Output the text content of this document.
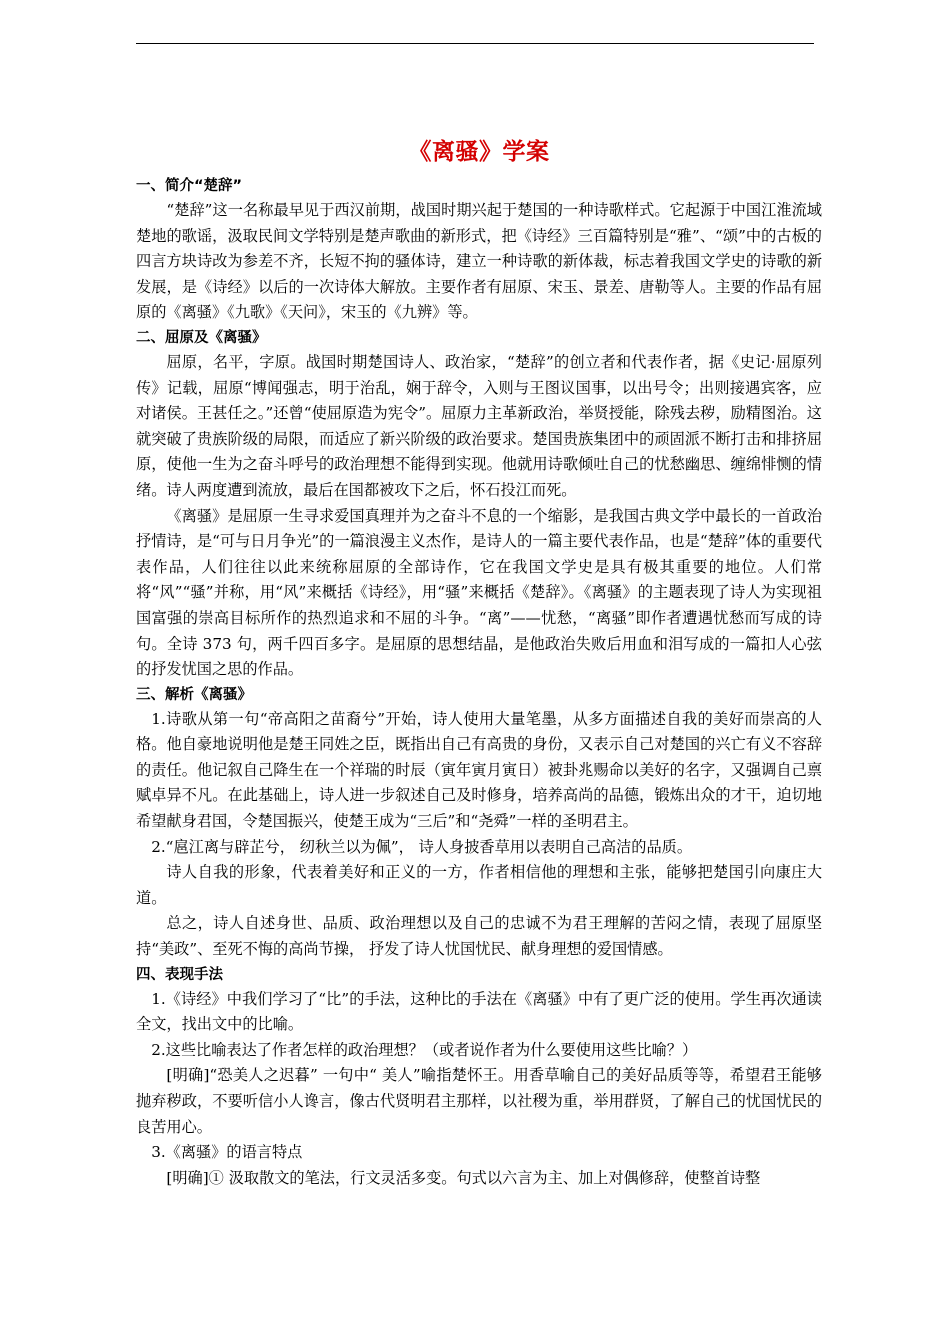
《离骚》学案
一、简介“楚辞”

“楚辞”这一名称最早见于西汉前期，战国时期兴起于楚国的一种诗歌样式。它起源于中国江淮流域楚地的歌谣，汲取民间文学特别是楚声歌曲的新形式，把《诗经》三百篇特别是“雅”、“颂”中的古板的四言方块诗改为参差不齐，长短不拘的骚体诗，建立一种诗歌的新体裁，标志着我国文学史的诗歌的新发展，是《诗经》以后的一次诗体大解放。主要作者有屈原、宋玉、景差、唐勒等人。主要的作品有屈原的《离骚》《九歌》《天问》，宋玉的《九辨》等。

二、屈原及《离骚》

屈原，名平，字原。战国时期楚国诗人、政治家，“楚辞”的创立者和代表作者，据《史记·屈原列传》记载，屈原“博闻强志，明于治乱，娴于辞令，入则与王图议国事，以出号令；出则接遇宾客，应对诸侯。王甚任之。”还曾“使屈原造为宪令”。屈原力主革新政治，举贤授能，除残去秽，励精图治。这就突破了贵族阶级的局限，而适应了新兴阶级的政治要求。楚国贵族集团中的顽固派不断打击和排挤屈原，使他一生为之奋斗呼号的政治理想不能得到实现。他就用诗歌倾吐自己的忧愁幽思、缠绵悱恻的情绪。诗人两度遭到流放，最后在国都被攻下之后，怀石投江而死。

《离骚》是屈原一生寻求爱国真理并为之奋斗不息的一个缩影，是我国古典文学中最长的一首政治抒情诗，是“可与日月争光”的一篇浪漫主义杰作，是诗人的一篇主要代表作品，也是“楚辞”体的重要代表作品，人们往往以此来统称屈原的全部诗作，它在我国文学史是具有极其重要的地位。人们常将“风”“骚”并称，用“风”来概括《诗经》，用“骚”来概括《楚辞》。《离骚》的主题表现了诗人为实现祖国富强的崇高目标所作的热烈追求和不屈的斗争。“离”——忧愁，“离骚”即作者遭遇忧愁而写成的诗句。全诗 373 句，两千四百多字。是屈原的思想结晶，是他政治失败后用血和泪写成的一篇扣人心弦的抒发忧国之思的作品。

三、解析《离骚》

1.诗歌从第一句“帝高阳之苗裔兮”开始，诗人使用大量笔墨，从多方面描述自我的美好而崇高的人格。他自豪地说明他是楚王同姓之臣，既指出自己有高贵的身份，又表示自己对楚国的兴亡有义不容辞的责任。他记叙自己降生在一个祥瑞的时辰（寅年寅月寅日）被卦兆赐命以美好的名字，又强调自己禀赋卓异不凡。在此基础上，诗人进一步叙述自己及时修身，培养高尚的品德，锻炼出众的才干，迫切地希望献身君国，令楚国振兴，使楚王成为“三后”和“尧舜”一样的圣明君主。

2.“扈江离与辟芷兮， 纫秋兰以为佩”， 诗人身披香草用以表明自己高洁的品质。

诗人自我的形象，代表着美好和正义的一方，作者相信他的理想和主张，能够把楚国引向康庄大道。

总之，诗人自述身世、品质、政治理想以及自己的忠诚不为君王理解的苦闷之情，表现了屈原坚持“美政”、至死不悔的高尚节操， 抒发了诗人忧国忧民、献身理想的爱国情感。

四、表现手法

1.《诗经》中我们学习了“比”的手法，这种比的手法在《离骚》中有了更广泛的使用。学生再次通读全文，找出文中的比喻。

2.这些比喻表达了作者怎样的政治理想？（或者说作者为什么要使用这些比喻？）

[明确]“恐美人之迟暮” 一句中“ 美人”喻指楚怀王。用香草喻自己的美好品质等等，希望君王能够抛弃秽政，不要听信小人谗言，像古代贤明君主那样，以社稷为重，举用群贤，了解自己的忧国忧民的良苦用心。

3.《离骚》的语言特点

[明确]① 汲取散文的笔法，行文灵活多变。句式以六言为主、加上对偶修辞，使整首诗整
